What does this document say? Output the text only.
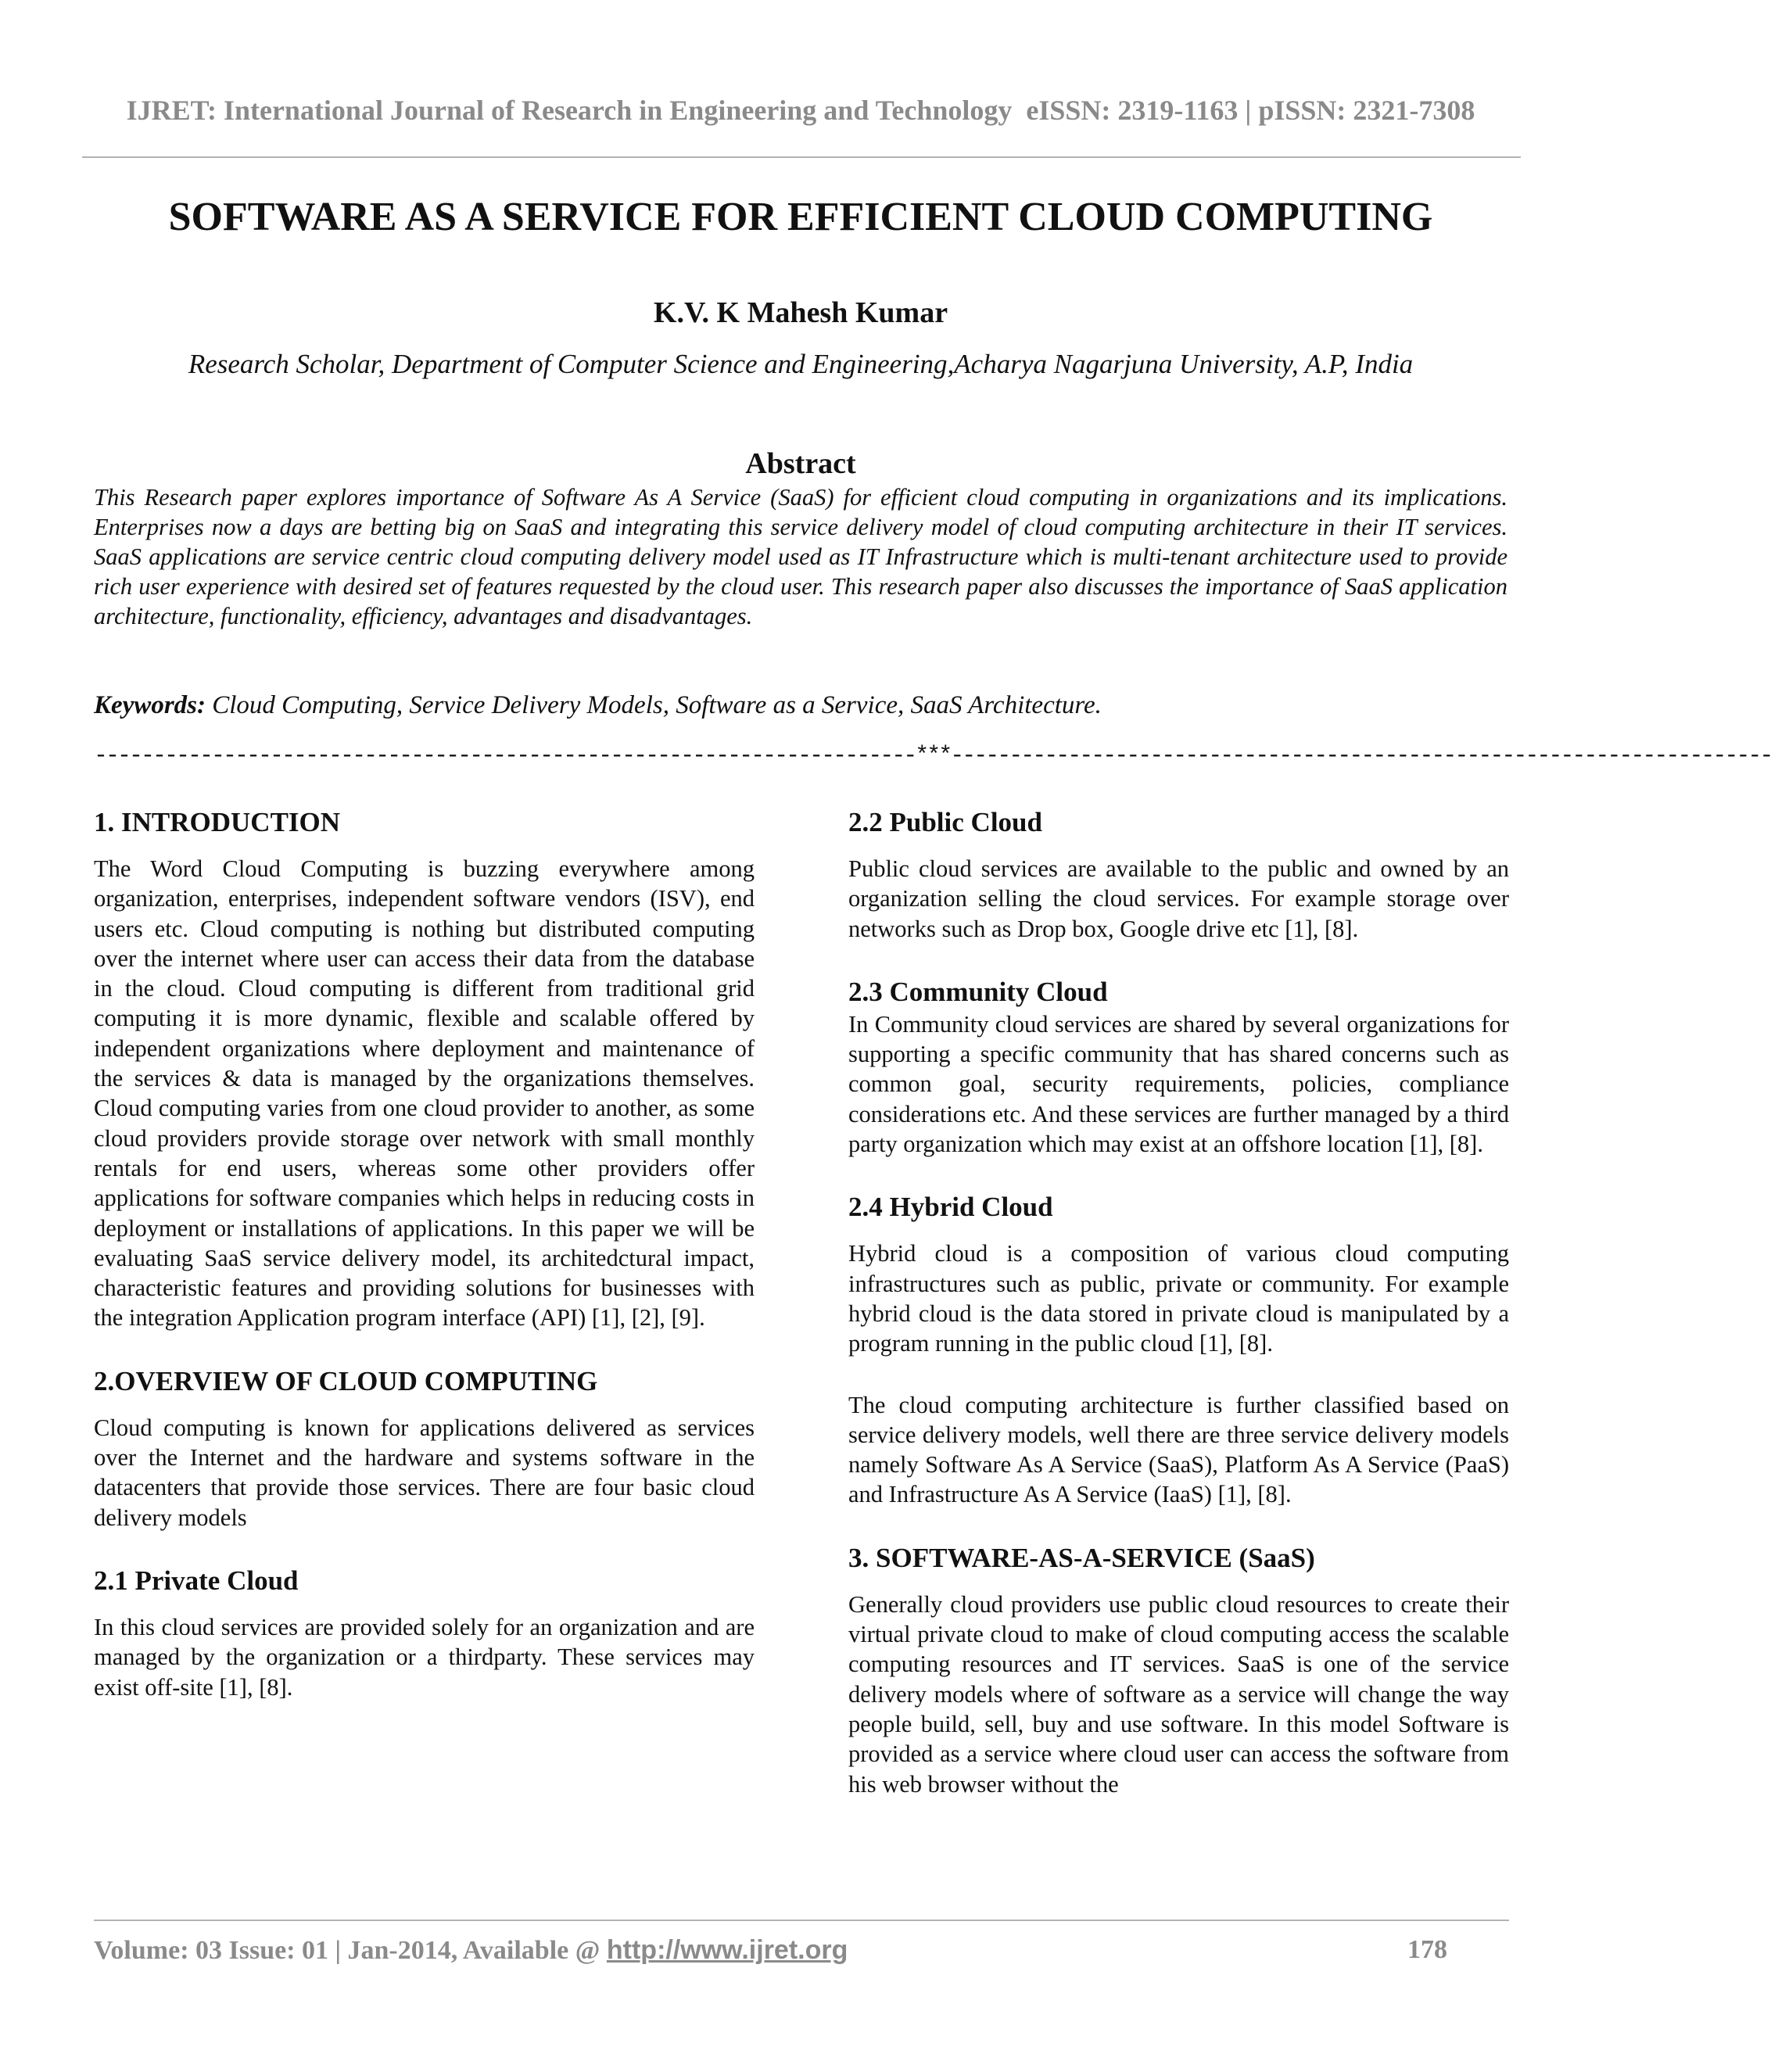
IJRET: International Journal of Research in Engineering and Technology  eISSN: 2319-1163 | pISSN: 2321-7308
SOFTWARE AS A SERVICE FOR EFFICIENT CLOUD COMPUTING
K.V. K Mahesh Kumar
Research Scholar, Department of Computer Science and Engineering,Acharya Nagarjuna University, A.P, India
Abstract
This Research paper explores importance of Software As A Service (SaaS) for efficient cloud computing in organizations and its implications. Enterprises now a days are betting big on SaaS and integrating this service delivery model of cloud computing architecture in their IT services. SaaS applications are service centric cloud computing delivery model used as IT Infrastructure which is multi-tenant architecture used to provide rich user experience with desired set of features requested by the cloud user. This research paper also discusses the importance of SaaS application architecture, functionality, efficiency, advantages and disadvantages.
Keywords: Cloud Computing, Service Delivery Models, Software as a Service, SaaS Architecture.
----------------------------------------------------------------------***----------------------------------------------------------------------
1. INTRODUCTION
The Word Cloud Computing is buzzing everywhere among organization, enterprises, independent software vendors (ISV), end users etc. Cloud computing is nothing but distributed computing over the internet where user can access their data from the database in the cloud. Cloud computing is different from traditional grid computing it is more dynamic, flexible and scalable offered by independent organizations where deployment and maintenance of the services & data is managed by the organizations themselves. Cloud computing varies from one cloud provider to another, as some cloud providers provide storage over network with small monthly rentals for end users, whereas some other providers offer applications for software companies which helps in reducing costs in deployment or installations of applications. In this paper we will be evaluating SaaS service delivery model, its architedctural impact, characteristic features and providing solutions for businesses with the integration Application program interface (API) [1], [2], [9].
2.OVERVIEW OF CLOUD COMPUTING
Cloud computing is known for applications delivered as services over the Internet and the hardware and systems software in the datacenters that provide those services. There are four basic cloud delivery models
2.1 Private Cloud
In this cloud services are provided solely for an organization and are managed by the organization or a thirdparty. These services may exist off-site [1], [8].
2.2 Public Cloud
Public cloud services are available to the public and owned by an organization selling the cloud services. For example storage over networks such as Drop box, Google drive etc [1], [8].
2.3 Community Cloud
In Community cloud services are shared by several organizations for supporting a specific community that has shared concerns such as common goal, security requirements, policies, compliance considerations etc. And these services are further managed by a third party organization which may exist at an offshore location [1], [8].
2.4 Hybrid Cloud
Hybrid cloud is a composition of various cloud computing infrastructures such as public, private or community. For example hybrid cloud is the data stored in private cloud is manipulated by a program running in the public cloud [1], [8].
The cloud computing architecture is further classified based on service delivery models, well there are three service delivery models namely Software As A Service (SaaS), Platform As A Service (PaaS) and Infrastructure As A Service (IaaS) [1], [8].
3. SOFTWARE-AS-A-SERVICE (SaaS)
Generally cloud providers use public cloud resources to create their virtual private cloud to make of cloud computing access the scalable computing resources and IT services. SaaS is one of the service delivery models where of software as a service will change the way people build, sell, buy and use software. In this model Software is provided as a service where cloud user can access the software from his web browser without the
Volume: 03 Issue: 01 | Jan-2014, Available @ http://www.ijret.org	178
